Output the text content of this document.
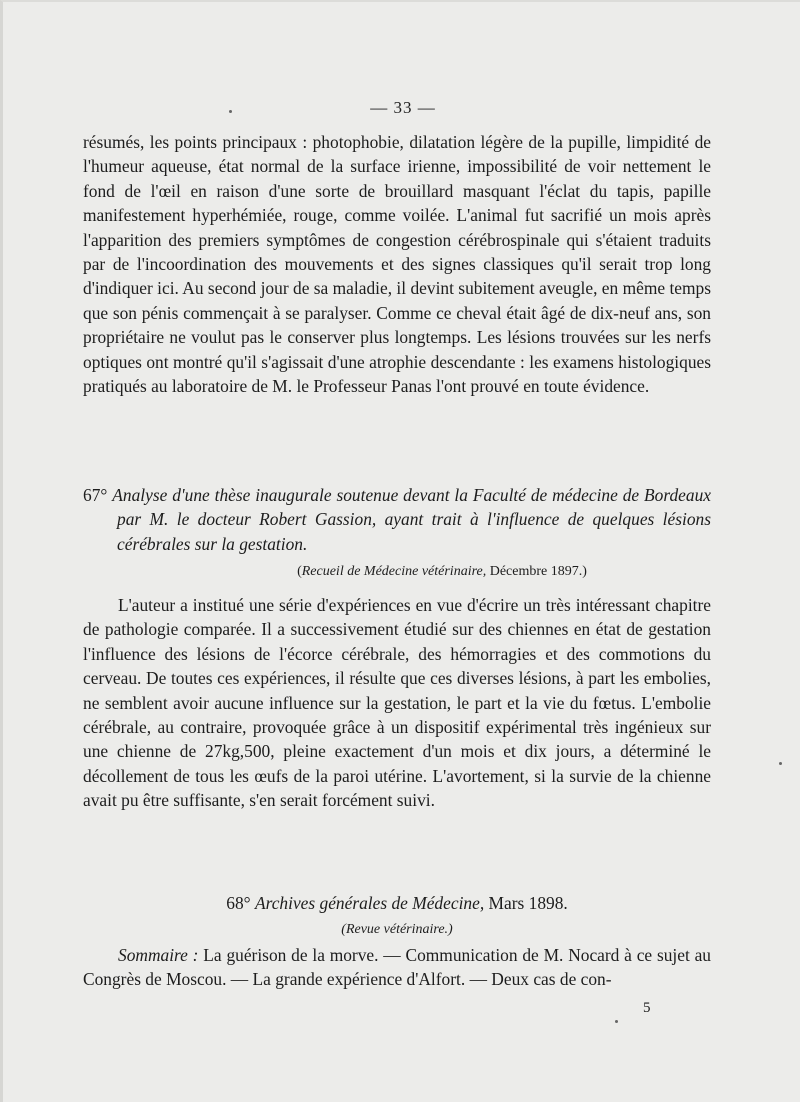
— 33 —

résumés, les points principaux : photophobie, dilatation légère de la pupille, limpidité de l'humeur aqueuse, état normal de la surface irienne, impossibilité de voir nettement le fond de l'œil en raison d'une sorte de brouillard masquant l'éclat du tapis, papille manifestement hyperhémiée, rouge, comme voilée. L'animal fut sacrifié un mois après l'apparition des premiers symptômes de congestion cérébrospinale qui s'étaient traduits par de l'incoordination des mouvements et des signes classiques qu'il serait trop long d'indiquer ici. Au second jour de sa maladie, il devint subitement aveugle, en même temps que son pénis commençait à se paralyser. Comme ce cheval était âgé de dix-neuf ans, son propriétaire ne voulut pas le conserver plus longtemps. Les lésions trouvées sur les nerfs optiques ont montré qu'il s'agissait d'une atrophie descendante : les examens histologiques pratiqués au laboratoire de M. le Professeur Panas l'ont prouvé en toute évidence.

67° Analyse d'une thèse inaugurale soutenue devant la Faculté de médecine de Bordeaux par M. le docteur Robert Gassion, ayant trait à l'influence de quelques lésions cérébrales sur la gestation.

(Recueil de Médecine vétérinaire, Décembre 1897.)

L'auteur a institué une série d'expériences en vue d'écrire un très intéressant chapitre de pathologie comparée. Il a successivement étudié sur des chiennes en état de gestation l'influence des lésions de l'écorce cérébrale, des hémorragies et des commotions du cerveau. De toutes ces expériences, il résulte que ces diverses lésions, à part les embolies, ne semblent avoir aucune influence sur la gestation, le part et la vie du fœtus. L'embolie cérébrale, au contraire, provoquée grâce à un dispositif expérimental très ingénieux sur une chienne de 27kg,500, pleine exactement d'un mois et dix jours, a déterminé le décollement de tous les œufs de la paroi utérine. L'avortement, si la survie de la chienne avait pu être suffisante, s'en serait forcément suivi.

68° Archives générales de Médecine, Mars 1898.
(Revue vétérinaire.)

Sommaire : La guérison de la morve. — Communication de M. Nocard à ce sujet au Congrès de Moscou. — La grande expérience d'Alfort. — Deux cas de con-

5
